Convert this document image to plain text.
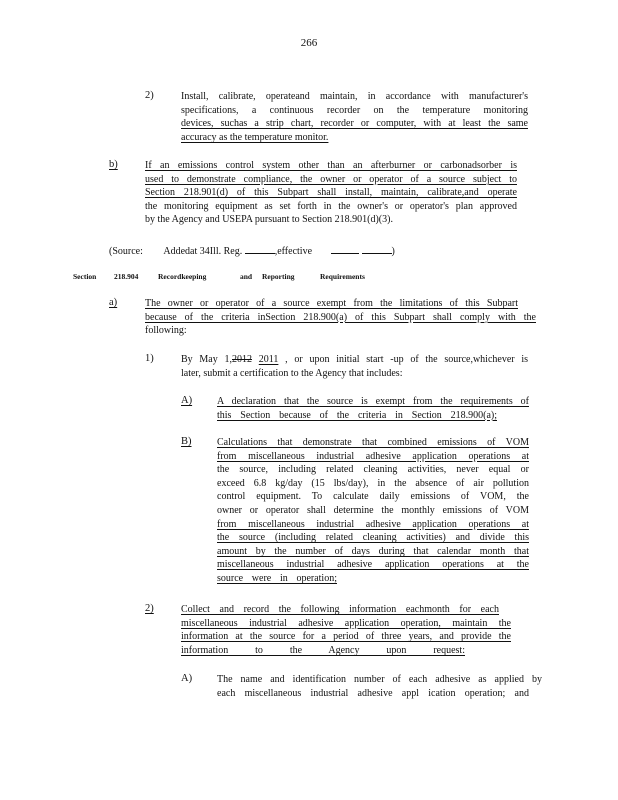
266
2)	Install, calibrate, operateand maintain, in accordance with manufacturer's
specifications, a continuous recorder on the temperature monitoring
devices, suchas a strip chart, recorder or computer, with at least the same
accuracy as the temperature monitor.
b)	If an emissions control system other than an afterburner or carbonadsorber is
used to demonstrate compliance, the owner or operator of a source subject to
Section 218.901(d) of this Subpart shall install, maintain, calibrate,and operate
the monitoring equipment as set forth in the owner's or operator's plan approved
by the Agency and USEPA pursuant to Section 218.901(d)(3).
(Source: Addedat 34Ill. Reg.	,effective	)
Section 218.904	Recordkeeping	and Reporting	Requirements
a)	The owner or operator of a source exempt from the limitations of this Subpart
because of the criteria inSection 218.900(a) of this Subpart shall comply with the
following:
1)	By May 1,2012 2011 , or upon initial start -up of the source,whichever is
later, submit a certification to the Agency that includes:
A) A declaration that the source is exempt from the requirements of
this Section because of the criteria in Section 218.900(a);
B)	Calculations that demonstrate that combined emissions of VOM
from miscellaneous industrial adhesive application operations at
the source, including related cleaning activities, never equal or
exceed 6.8 kg/day (15 lbs/day), in the absence of air pollution
control equipment. To calculate daily emissions of VOM, the
owner or operator shall determine the monthly emissions of VOM
from miscellaneous industrial adhesive application operations at
the source (including related cleaning activities) and divide this
amount by the number of days during that calendar month that
miscellaneous industrial adhesive application operations at the
source were in operation;
2)	Collect and record the following information eachmonth for each
miscellaneous industrial adhesive application operation, maintain the
information at the source for a period of three years, and provide the
information to the Agency upon request:
A) The name and identification number of each adhesive as applied by
each miscellaneous industrial adhesive appl ication operation; and
